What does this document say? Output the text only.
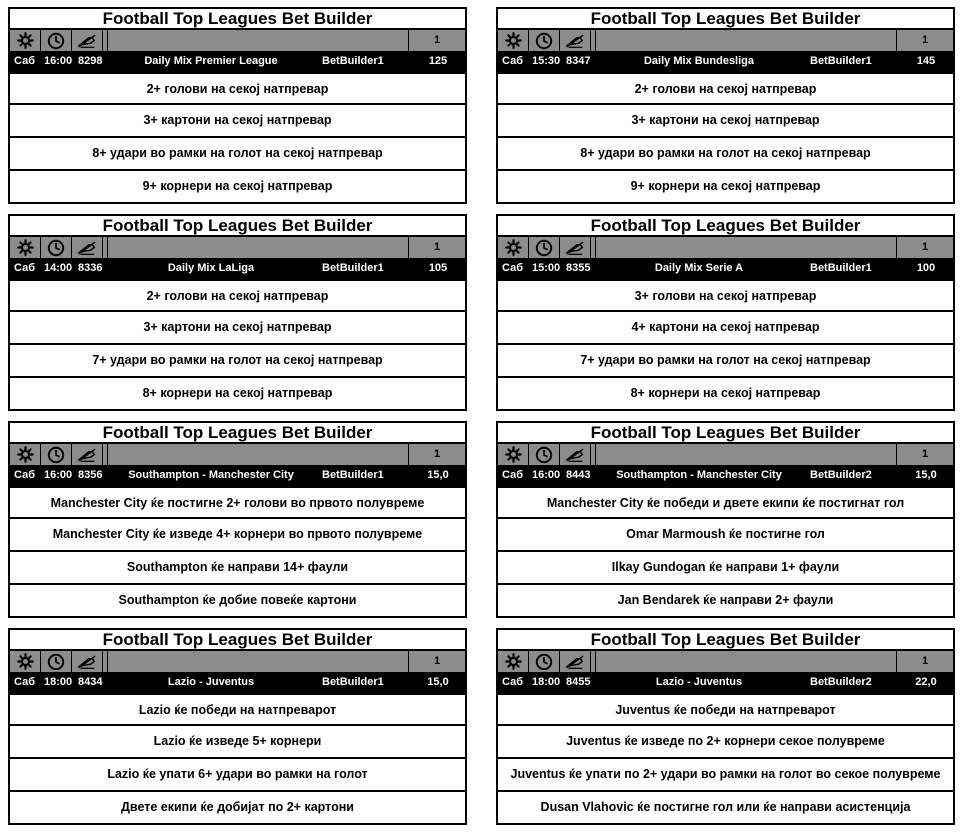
Football Top Leagues Bet Builder
1
Саб 16:00 8298	Daily Mix Premier League	BetBuilder1	125
2+ голови на секој натпревар
3+ картони на секој натпревар
8+ удари во рамки на голот на секој натпревар
9+ корнери на секој натпревар
Football Top Leagues Bet Builder
1
Саб 15:30 8347	Daily Mix Bundesliga	BetBuilder1	145
2+ голови на секој натпревар
3+ картони на секој натпревар
8+ удари во рамки на голот на секој натпревар
9+ корнери на секој натпревар
Football Top Leagues Bet Builder
1
Саб 14:00 8336	Daily Mix LaLiga	BetBuilder1	105
2+ голови на секој натпревар
3+ картони на секој натпревар
7+ удари во рамки на голот на секој натпревар
8+ корнери на секој натпревар
Football Top Leagues Bet Builder
1
Саб 15:00 8355	Daily Mix Serie A	BetBuilder1	100
3+ голови на секој натпревар
4+ картони на секој натпревар
7+ удари во рамки на голот на секој натпревар
8+ корнери на секој натпревар
Football Top Leagues Bet Builder
1
Саб 16:00 8356	Southampton - Manchester City	BetBuilder1	15,0
Manchester City ќе постигне 2+ голови во првото полувреме
Manchester City ќе изведе 4+ корнери во првото полувреме
Southampton ќе направи 14+ фаули
Southampton ќе добие повеќе картони
Football Top Leagues Bet Builder
1
Саб 16:00 8443	Southampton - Manchester City	BetBuilder2	15,0
Manchester City ќе победи и двете екипи ќе постигнат гол
Omar Marmoush ќе постигне гол
Ilkay Gundogan ќе направи 1+ фаули
Jan Bendarek ќе направи 2+ фаули
Football Top Leagues Bet Builder
1
Саб 18:00 8434	Lazio - Juventus	BetBuilder1	15,0
Lazio ќе победи на натпреварот
Lazio ќе изведе 5+ корнери
Lazio ќе упати 6+ удари во рамки на голот
Двете екипи ќе добијат по 2+ картони
Football Top Leagues Bet Builder
1
Саб 18:00 8455	Lazio - Juventus	BetBuilder2	22,0
Juventus ќе победи на натпреварот
Juventus ќе изведе по 2+ корнери секое полувреме
Juventus ќе упати по 2+ удари во рамки на голот во секое полувреме
Dusan Vlahovic ќе постигне гол или ќе направи асистенција
